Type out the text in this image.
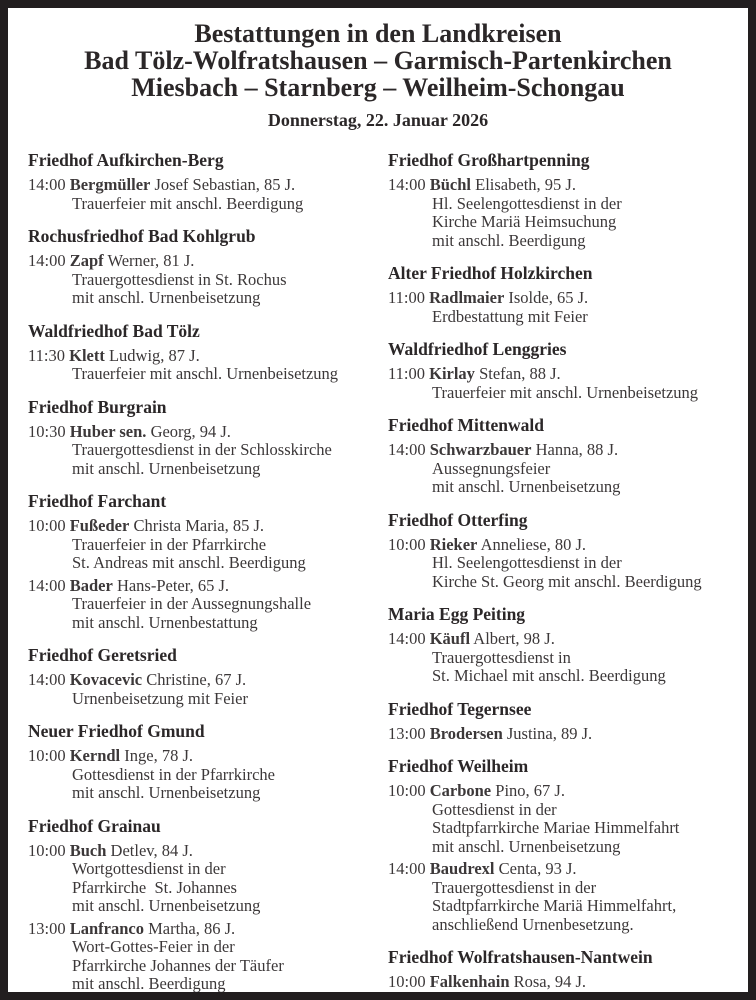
Bestattungen in den Landkreisen
Bad Tölz-Wolfratshausen – Garmisch-Partenkirchen
Miesbach – Starnberg – Weilheim-Schongau
Donnerstag, 22. Januar 2026
Friedhof Aufkirchen-Berg
14:00 Bergmüller Josef Sebastian, 85 J.
Trauerfeier mit anschl. Beerdigung
Rochusfriedhof Bad Kohlgrub
14:00 Zapf Werner, 81 J.
Trauergottesdienst in St. Rochus
mit anschl. Urnenbeisetzung
Waldfriedhof Bad Tölz
11:30 Klett Ludwig, 87 J.
Trauerfeier mit anschl. Urnenbeisetzung
Friedhof Burgrain
10:30 Huber sen. Georg, 94 J.
Trauergottesdienst in der Schlosskirche
mit anschl. Urnenbeisetzung
Friedhof Farchant
10:00 Fußeder Christa Maria, 85 J.
Trauerfeier in der Pfarrkirche
St. Andreas mit anschl. Beerdigung
14:00 Bader Hans-Peter, 65 J.
Trauerfeier in der Aussegnungshalle
mit anschl. Urnenbestattung
Friedhof Geretsried
14:00 Kovacevic Christine, 67 J.
Urnenbeisetzung mit Feier
Neuer Friedhof Gmund
10:00 Kerndl Inge, 78 J.
Gottesdienst in der Pfarrkirche
mit anschl. Urnenbeisetzung
Friedhof Grainau
10:00 Buch Detlev, 84 J.
Wortgottesdienst in der
Pfarrkirche  St. Johannes
mit anschl. Urnenbeisetzung
13:00 Lanfranco Martha, 86 J.
Wort-Gottes-Feier in der
Pfarrkirche Johannes der Täufer
mit anschl. Beerdigung
Friedhof Großhartpenning
14:00 Büchl Elisabeth, 95 J.
Hl. Seelengottesdienst in der
Kirche Mariä Heimsuchung
mit anschl. Beerdigung
Alter Friedhof Holzkirchen
11:00 Radlmaier Isolde, 65 J.
Erdbestattung mit Feier
Waldfriedhof Lenggries
11:00 Kirlay Stefan, 88 J.
Trauerfeier mit anschl. Urnenbeisetzung
Friedhof Mittenwald
14:00 Schwarzbauer Hanna, 88 J.
Aussegnungsfeier
mit anschl. Urnenbeisetzung
Friedhof Otterfing
10:00 Rieker Anneliese, 80 J.
Hl. Seelengottesdienst in der
Kirche St. Georg mit anschl. Beerdigung
Maria Egg Peiting
14:00 Käufl Albert, 98 J.
Trauergottesdienst in
St. Michael mit anschl. Beerdigung
Friedhof Tegernsee
13:00 Brodersen Justina, 89 J.
Friedhof Weilheim
10:00 Carbone Pino, 67 J.
Gottesdienst in der
Stadtpfarrkirche Mariae Himmelfahrt
mit anschl. Urnenbeisetzung
14:00 Baudrexl Centa, 93 J.
Trauergottesdienst in der
Stadtpfarrkirche Mariä Himmelfahrt,
anschließend Urnenbesetzung.
Friedhof Wolfratshausen-Nantwein
10:00 Falkenhain Rosa, 94 J.
Trauerfeier mit anschl. Urnenbeisetzung
